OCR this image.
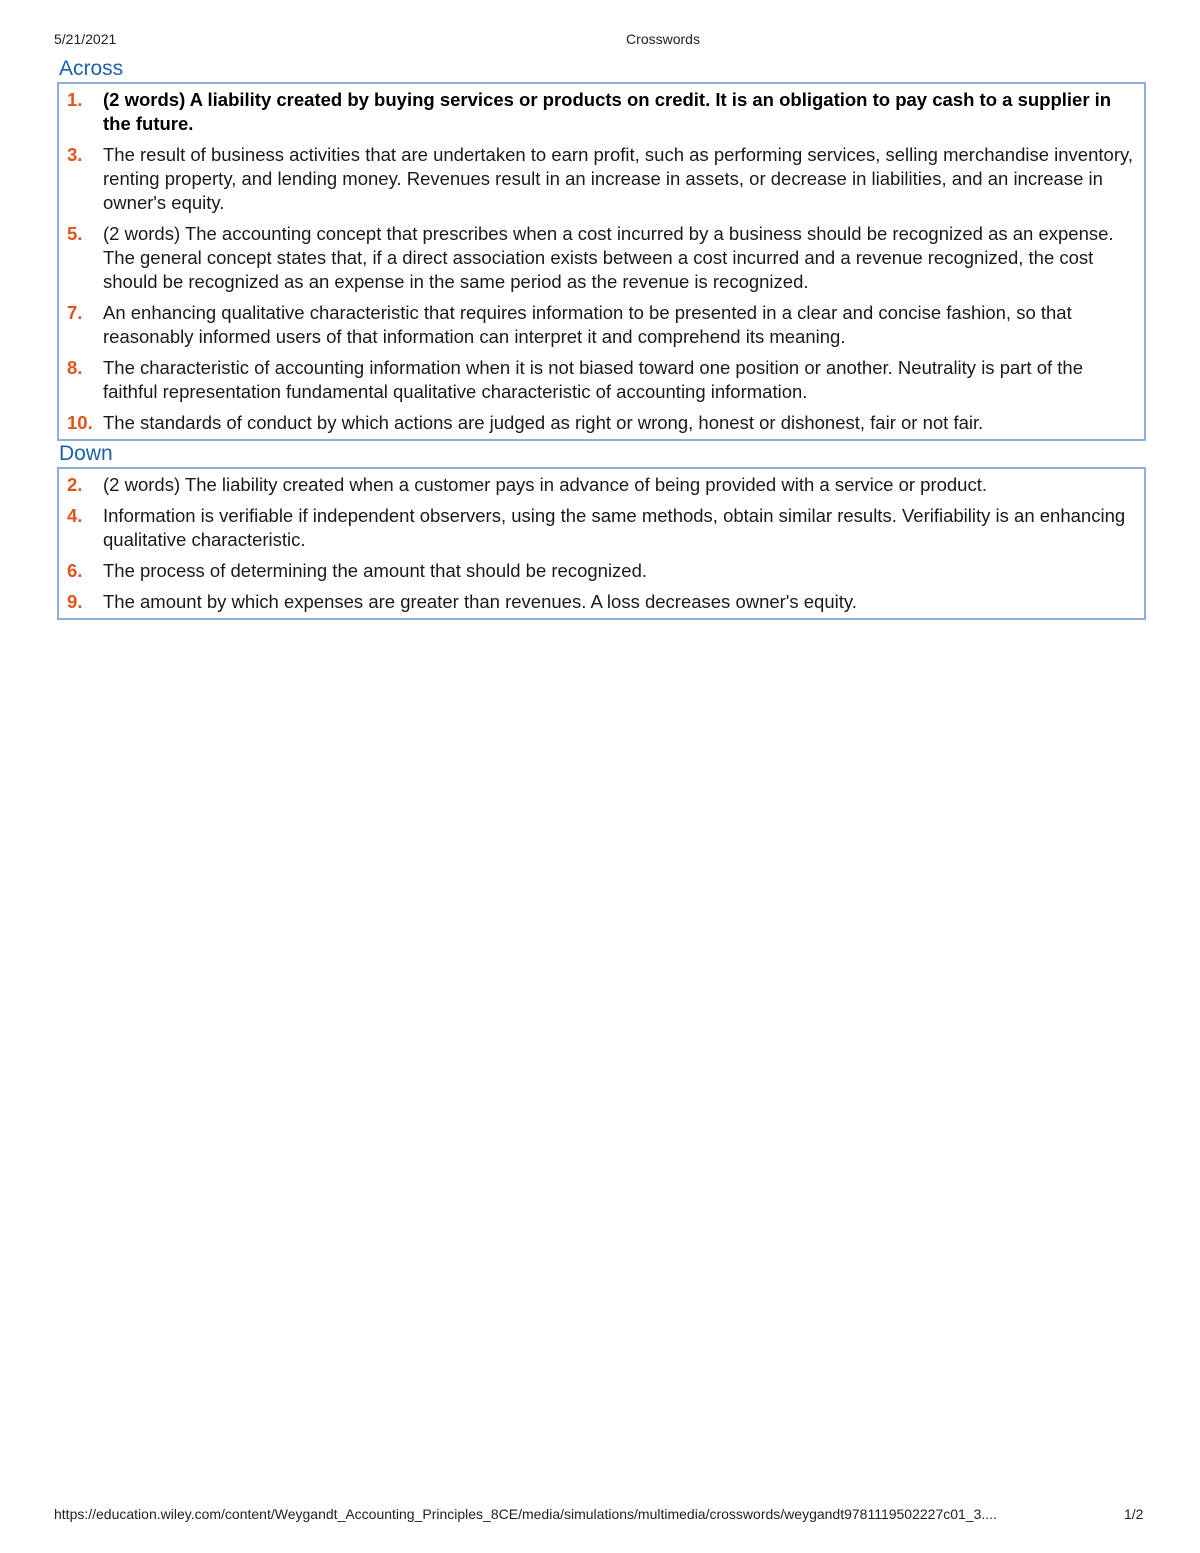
5/21/2021	Crosswords
Across
1.	(2 words) A liability created by buying services or products on credit. It is an obligation to pay cash to a supplier in the future.
3.	The result of business activities that are undertaken to earn profit, such as performing services, selling merchandise inventory, renting property, and lending money. Revenues result in an increase in assets, or decrease in liabilities, and an increase in owner's equity.
5.	(2 words) The accounting concept that prescribes when a cost incurred by a business should be recognized as an expense. The general concept states that, if a direct association exists between a cost incurred and a revenue recognized, the cost should be recognized as an expense in the same period as the revenue is recognized.
7.	An enhancing qualitative characteristic that requires information to be presented in a clear and concise fashion, so that reasonably informed users of that information can interpret it and comprehend its meaning.
8.	The characteristic of accounting information when it is not biased toward one position or another. Neutrality is part of the faithful representation fundamental qualitative characteristic of accounting information.
10. The standards of conduct by which actions are judged as right or wrong, honest or dishonest, fair or not fair.
Down
2.	(2 words) The liability created when a customer pays in advance of being provided with a service or product.
4.	Information is verifiable if independent observers, using the same methods, obtain similar results. Verifiability is an enhancing qualitative characteristic.
6.	The process of determining the amount that should be recognized.
9.	The amount by which expenses are greater than revenues. A loss decreases owner's equity.
https://education.wiley.com/content/Weygandt_Accounting_Principles_8CE/media/simulations/multimedia/crosswords/weygandt9781119502227c01_3....	1/2
